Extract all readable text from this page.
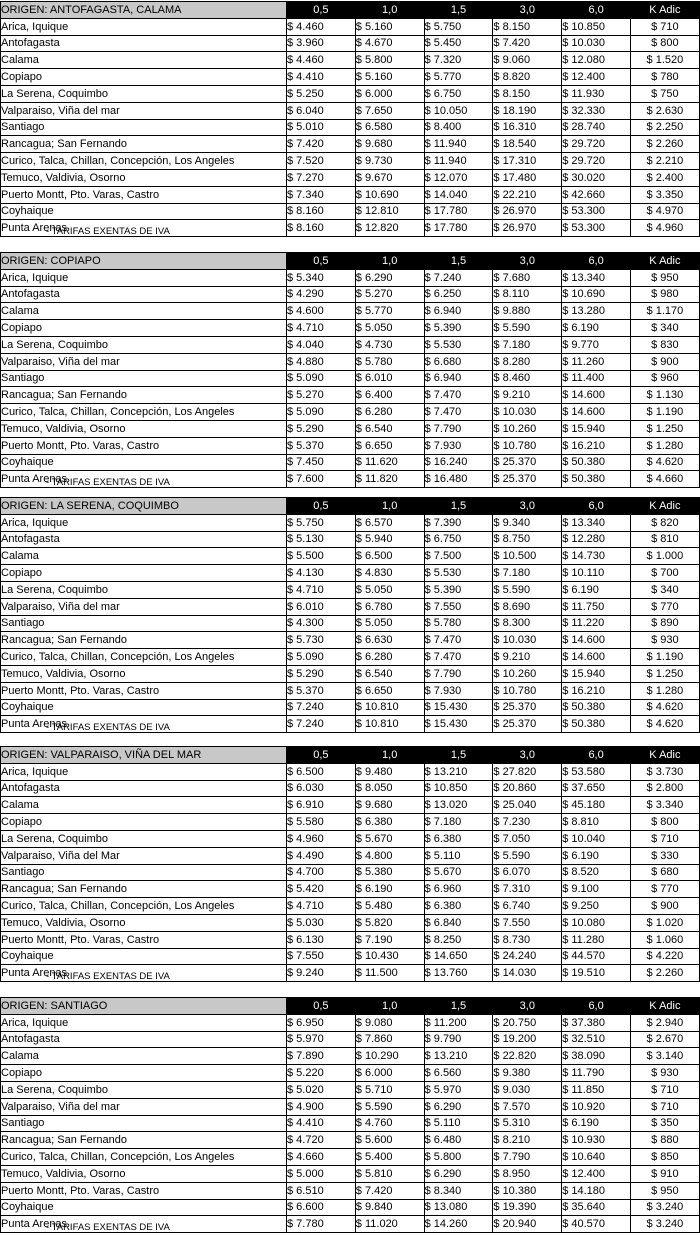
ORIGEN: ANTOFAGASTA, CALAMA	0,5	1,0	1,5	3,0	6,0	K Adic
Arica, Iquique	$ 4.460	$ 5.160	$ 5.750	$ 8.150	$ 10.850	$ 710
Antofagasta	$ 3.960	$ 4.670	$ 5.450	$ 7.420	$ 10.030	$ 800
Calama	$ 4.460	$ 5.800	$ 7.320	$ 9.060	$ 12.080	$ 1.520
Copiapo	$ 4.410	$ 5.160	$ 5.770	$ 8.820	$ 12.400	$ 780
La Serena, Coquimbo	$ 5.250	$ 6.000	$ 6.750	$ 8.150	$ 11.930	$ 750
Valparaiso, Viña del mar	$ 6.040	$ 7.650	$ 10.050	$ 18.190	$ 32.330	$ 2.630
Santiago	$ 5.010	$ 6.580	$ 8.400	$ 16.310	$ 28.740	$ 2.250
Rancagua; San Fernando	$ 7.420	$ 9.680	$ 11.940	$ 18.540	$ 29.720	$ 2.260
Curico, Talca, Chillan, Concepción, Los Angeles	$ 7.520	$ 9.730	$ 11.940	$ 17.310	$ 29.720	$ 2.210
Temuco, Valdivia, Osorno	$ 7.270	$ 9.670	$ 12.070	$ 17.480	$ 30.020	$ 2.400
Puerto Montt, Pto. Varas, Castro	$ 7.340	$ 10.690	$ 14.040	$ 22.210	$ 42.660	$ 3.350
Coyhaique	$ 8.160	$ 12.810	$ 17.780	$ 26.970	$ 53.300	$ 4.970
Punta Arenas	$ 8.160	$ 12.820	$ 17.780	$ 26.970	$ 53.300	$ 4.960
- TARIFAS EXENTAS DE IVA
ORIGEN: COPIAPO	0,5	1,0	1,5	3,0	6,0	K Adic
Arica, Iquique	$ 5.340	$ 6.290	$ 7.240	$ 7.680	$ 13.340	$ 950
Antofagasta	$ 4.290	$ 5.270	$ 6.250	$ 8.110	$ 10.690	$ 980
Calama	$ 4.600	$ 5.770	$ 6.940	$ 9.880	$ 13.280	$ 1.170
Copiapo	$ 4.710	$ 5.050	$ 5.390	$ 5.590	$ 6.190	$ 340
La Serena, Coquimbo	$ 4.040	$ 4.730	$ 5.530	$ 7.180	$ 9.770	$ 830
Valparaiso, Viña del mar	$ 4.880	$ 5.780	$ 6.680	$ 8.280	$ 11.260	$ 900
Santiago	$ 5.090	$ 6.010	$ 6.940	$ 8.460	$ 11.400	$ 960
Rancagua; San Fernando	$ 5.270	$ 6.400	$ 7.470	$ 9.210	$ 14.600	$ 1.130
Curico, Talca, Chillan, Concepción, Los Angeles	$ 5.090	$ 6.280	$ 7.470	$ 10.030	$ 14.600	$ 1.190
Temuco, Valdivia, Osorno	$ 5.290	$ 6.540	$ 7.790	$ 10.260	$ 15.940	$ 1.250
Puerto Montt, Pto. Varas, Castro	$ 5.370	$ 6.650	$ 7.930	$ 10.780	$ 16.210	$ 1.280
Coyhaique	$ 7.450	$ 11.620	$ 16.240	$ 25.370	$ 50.380	$ 4.620
Punta Arenas	$ 7.600	$ 11.820	$ 16.480	$ 25.370	$ 50.380	$ 4.660
- TARIFAS EXENTAS DE IVA
ORIGEN: LA SERENA, COQUIMBO	0,5	1,0	1,5	3,0	6,0	K Adic
Arica, Iquique	$ 5.750	$ 6.570	$ 7.390	$ 9.340	$ 13.340	$ 820
Antofagasta	$ 5.130	$ 5.940	$ 6.750	$ 8.750	$ 12.280	$ 810
Calama	$ 5.500	$ 6.500	$ 7.500	$ 10.500	$ 14.730	$ 1.000
Copiapo	$ 4.130	$ 4.830	$ 5.530	$ 7.180	$ 10.110	$ 700
La Serena, Coquimbo	$ 4.710	$ 5.050	$ 5.390	$ 5.590	$ 6.190	$ 340
Valparaiso, Viña del mar	$ 6.010	$ 6.780	$ 7.550	$ 8.690	$ 11.750	$ 770
Santiago	$ 4.300	$ 5.050	$ 5.780	$ 8.300	$ 11.220	$ 890
Rancagua; San Fernando	$ 5.730	$ 6.630	$ 7.470	$ 10.030	$ 14.600	$ 930
Curico, Talca, Chillan, Concepción, Los Angeles	$ 5.090	$ 6.280	$ 7.470	$ 9.210	$ 14.600	$ 1.190
Temuco, Valdivia, Osorno	$ 5.290	$ 6.540	$ 7.790	$ 10.260	$ 15.940	$ 1.250
Puerto Montt, Pto. Varas, Castro	$ 5.370	$ 6.650	$ 7.930	$ 10.780	$ 16.210	$ 1.280
Coyhaique	$ 7.240	$ 10.810	$ 15.430	$ 25.370	$ 50.380	$ 4.620
Punta Arenas	$ 7.240	$ 10.810	$ 15.430	$ 25.370	$ 50.380	$ 4.620
- TARIFAS EXENTAS DE IVA
ORIGEN: VALPARAISO, VIÑA DEL MAR	0,5	1,0	1,5	3,0	6,0	K Adic
Arica, Iquique	$ 6.500	$ 9.480	$ 13.210	$ 27.820	$ 53.580	$ 3.730
Antofagasta	$ 6.030	$ 8.050	$ 10.850	$ 20.860	$ 37.650	$ 2.800
Calama	$ 6.910	$ 9.680	$ 13.020	$ 25.040	$ 45.180	$ 3.340
Copiapo	$ 5.580	$ 6.380	$ 7.180	$ 7.230	$ 8.810	$ 800
La Serena, Coquimbo	$ 4.960	$ 5.670	$ 6.380	$ 7.050	$ 10.040	$ 710
Valparaiso, Viña del Mar	$ 4.490	$ 4.800	$ 5.110	$ 5.590	$ 6.190	$ 330
Santiago	$ 4.700	$ 5.380	$ 5.670	$ 6.070	$ 8.520	$ 680
Rancagua; San Fernando	$ 5.420	$ 6.190	$ 6.960	$ 7.310	$ 9.100	$ 770
Curico, Talca, Chillan, Concepción, Los Angeles	$ 4.710	$ 5.480	$ 6.380	$ 6.740	$ 9.250	$ 900
Temuco, Valdivia, Osorno	$ 5.030	$ 5.820	$ 6.840	$ 7.550	$ 10.080	$ 1.020
Puerto Montt, Pto. Varas, Castro	$ 6.130	$ 7.190	$ 8.250	$ 8.730	$ 11.280	$ 1.060
Coyhaique	$ 7.550	$ 10.430	$ 14.650	$ 24.240	$ 44.570	$ 4.220
Punta Arenas	$ 9.240	$ 11.500	$ 13.760	$ 14.030	$ 19.510	$ 2.260
- TARIFAS EXENTAS DE IVA
ORIGEN: SANTIAGO	0,5	1,0	1,5	3,0	6,0	K Adic
Arica, Iquique	$ 6.950	$ 9.080	$ 11.200	$ 20.750	$ 37.380	$ 2.940
Antofagasta	$ 5.970	$ 7.860	$ 9.790	$ 19.200	$ 32.510	$ 2.670
Calama	$ 7.890	$ 10.290	$ 13.210	$ 22.820	$ 38.090	$ 3.140
Copiapo	$ 5.220	$ 6.000	$ 6.560	$ 9.380	$ 11.790	$ 930
La Serena, Coquimbo	$ 5.020	$ 5.710	$ 5.970	$ 9.030	$ 11.850	$ 710
Valparaiso, Viña del mar	$ 4.900	$ 5.590	$ 6.290	$ 7.570	$ 10.920	$ 710
Santiago	$ 4.410	$ 4.760	$ 5.110	$ 5.310	$ 6.190	$ 350
Rancagua; San Fernando	$ 4.720	$ 5.600	$ 6.480	$ 8.210	$ 10.930	$ 880
Curico, Talca, Chillan, Concepción, Los Angeles	$ 4.660	$ 5.400	$ 5.800	$ 7.790	$ 10.640	$ 850
Temuco, Valdivia, Osorno	$ 5.000	$ 5.810	$ 6.290	$ 8.950	$ 12.400	$ 910
Puerto Montt, Pto. Varas, Castro	$ 6.510	$ 7.420	$ 8.340	$ 10.380	$ 14.180	$ 950
Coyhaique	$ 6.600	$ 9.840	$ 13.080	$ 19.390	$ 35.640	$ 3.240
Punta Arenas	$ 7.780	$ 11.020	$ 14.260	$ 20.940	$ 40.570	$ 3.240
- TARIFAS EXENTAS DE IVA
